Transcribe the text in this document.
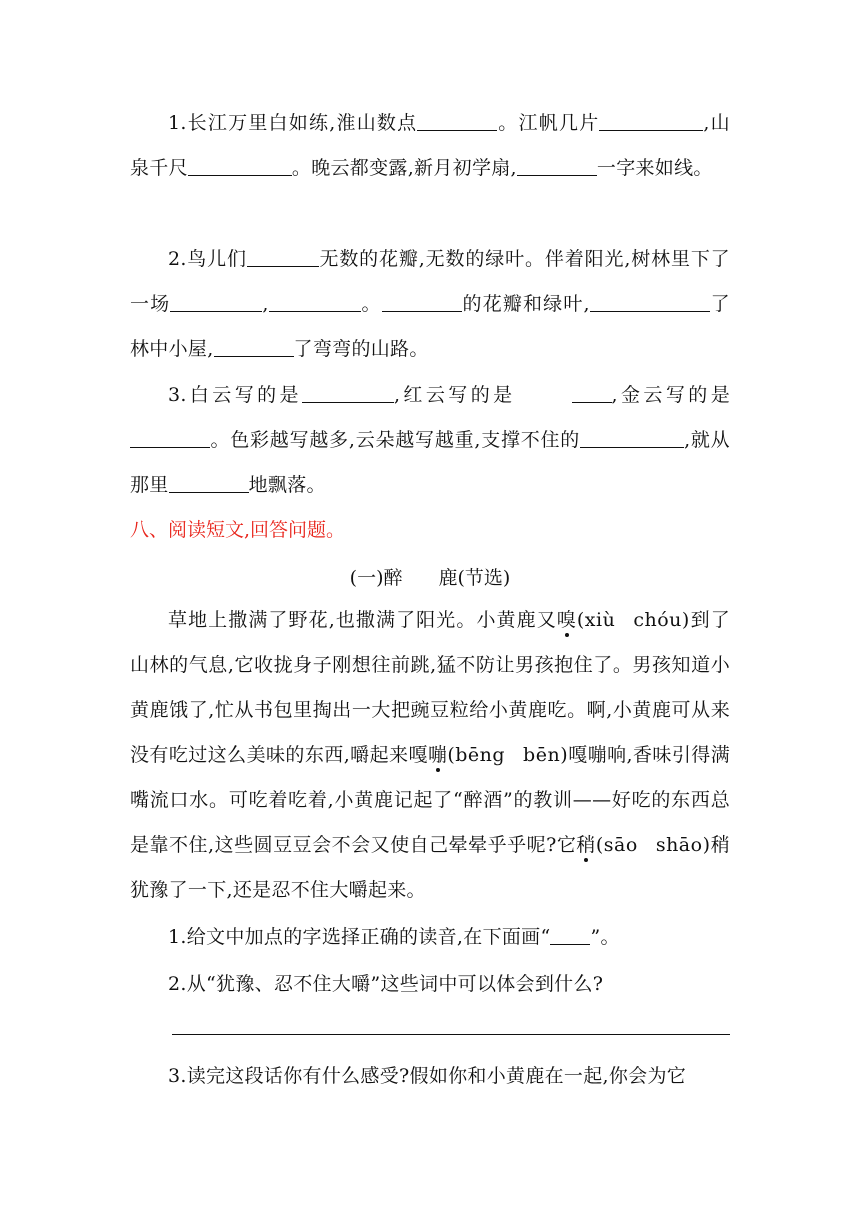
1.长江万里白如练,淮山数点	。江帆几片	,山泉千尺	。晚云都变露,新月初学扇,	一字来如线。

2.鸟儿们	无数的花瓣,无数的绿叶。伴着阳光,树林里下了一场	,	。	的花瓣和绿叶,	了林中小屋,	了弯弯的山路。

3.白云写的是	,红云写的是	,金云写的是。色彩越写越多,云朵越写越重,支撑不住的	,就从那里	地飘落。

八、阅读短文,回答问题。

(一)醉 鹿(节选)

草地上撒满了野花,也撒满了阳光。小黄鹿又嗅(xiù chóu)到了山林的气息,它收拢身子刚想往前跳,猛不防让男孩抱住了。男孩知道小黄鹿饿了,忙从书包里掏出一大把豌豆粒给小黄鹿吃。啊,小黄鹿可从来没有吃过这么美味的东西,嚼起来嘎嘣(bēng bēn)嘎嘣响,香味引得满嘴流口水。可吃着吃着,小黄鹿记起了“醉酒”的教训——好吃的东西总是靠不住,这些圆豆豆会不会又使自己晕晕乎乎呢?它稍(sāo shāo)稍犹豫了一下,还是忍不住大嚼起来。

1.给文中加点的字选择正确的读音,在下面画“ ”。

2.从“犹豫、忍不住大嚼”这些词中可以体会到什么?

3.读完这段话你有什么感受?假如你和小黄鹿在一起,你会为它
